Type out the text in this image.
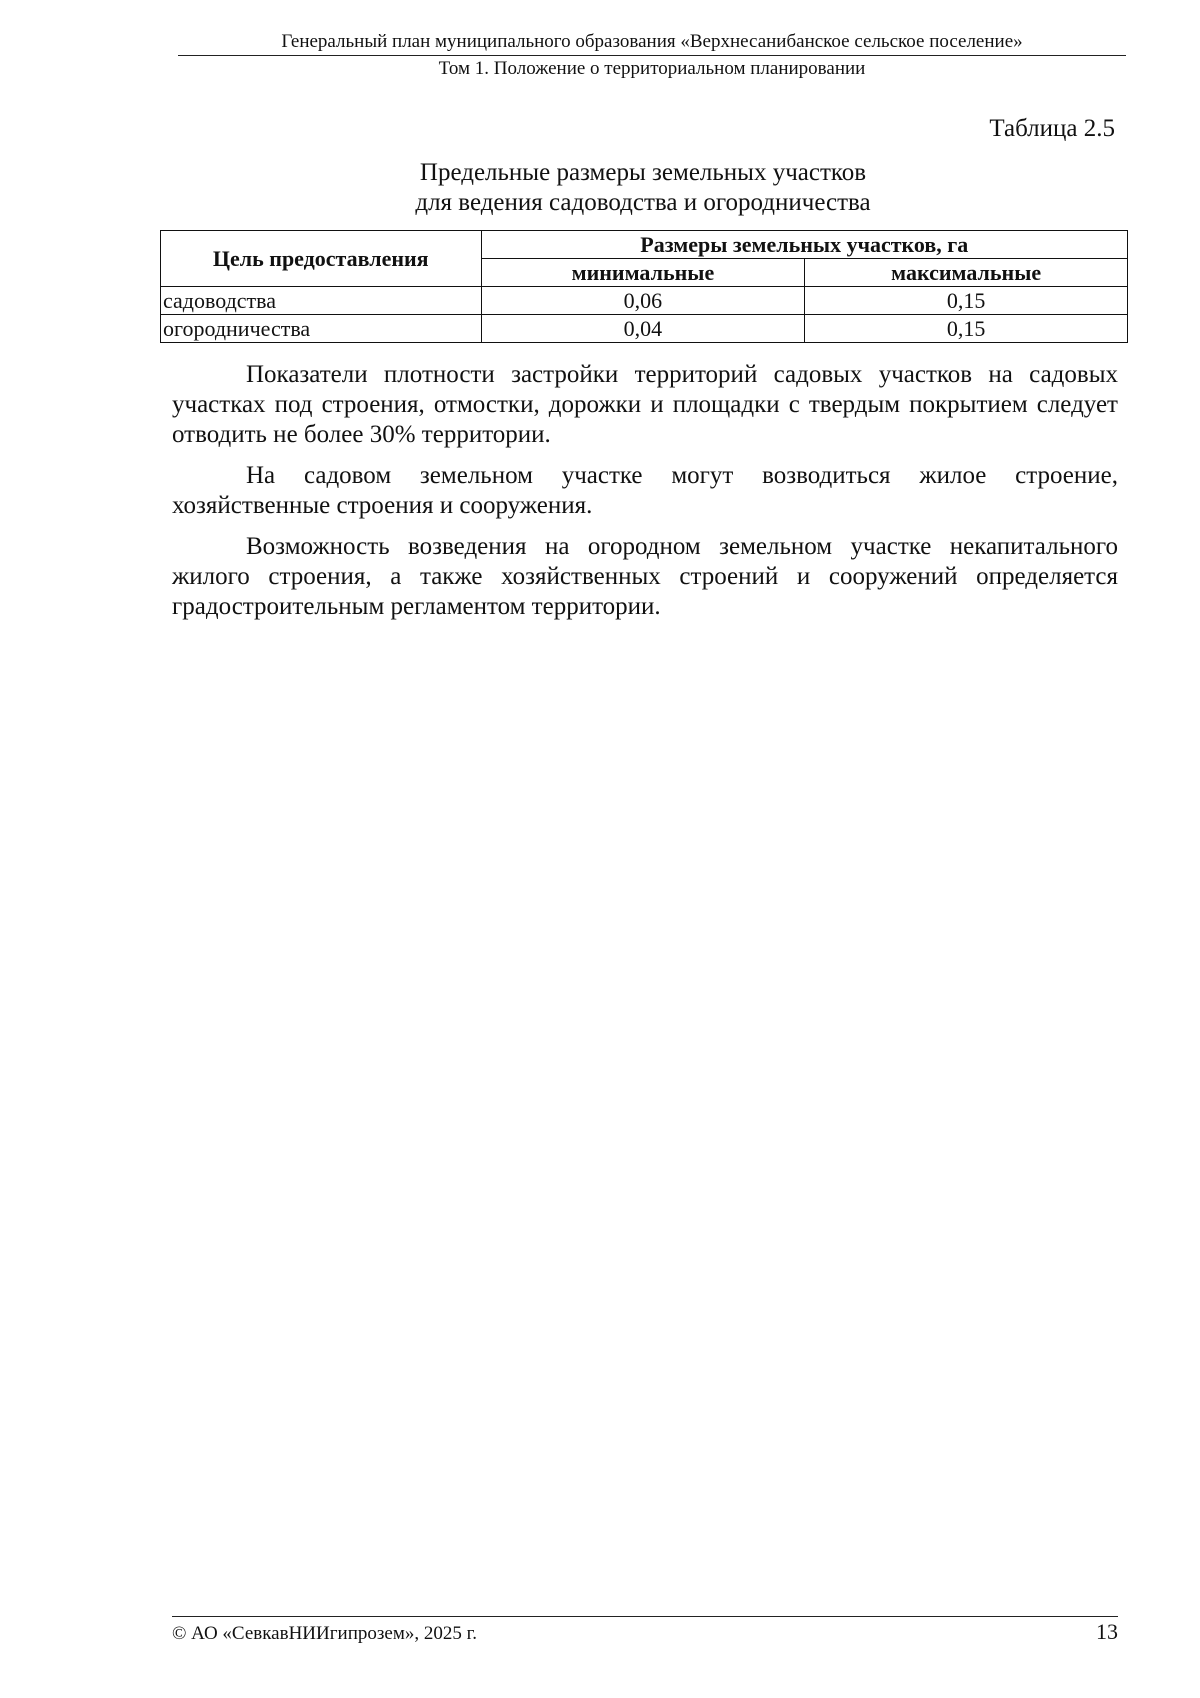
Генеральный план муниципального образования «Верхнесанибанское сельское поселение»
Том 1. Положение о территориальном планировании
Таблица 2.5
Предельные размеры земельных участков
для ведения садоводства и огородничества
Цель предоставления	Размеры земельных участков, га	
	минимальные	максимальные
садоводства	0,06	0,15
огородничества	0,04	0,15

Показатели плотности застройки территорий садовых участков на садовых участках под строения, отмостки, дорожки и площадки с твердым покрытием следует отводить не более 30% территории.

На садовом земельном участке могут возводиться жилое строение, хозяйственные строения и сооружения.

Возможность возведения на огородном земельном участке некапитального жилого строения, а также хозяйственных строений и сооружений определяется градостроительным регламентом территории.

© АО «СевкавНИИгипрозем», 2025 г.	13
